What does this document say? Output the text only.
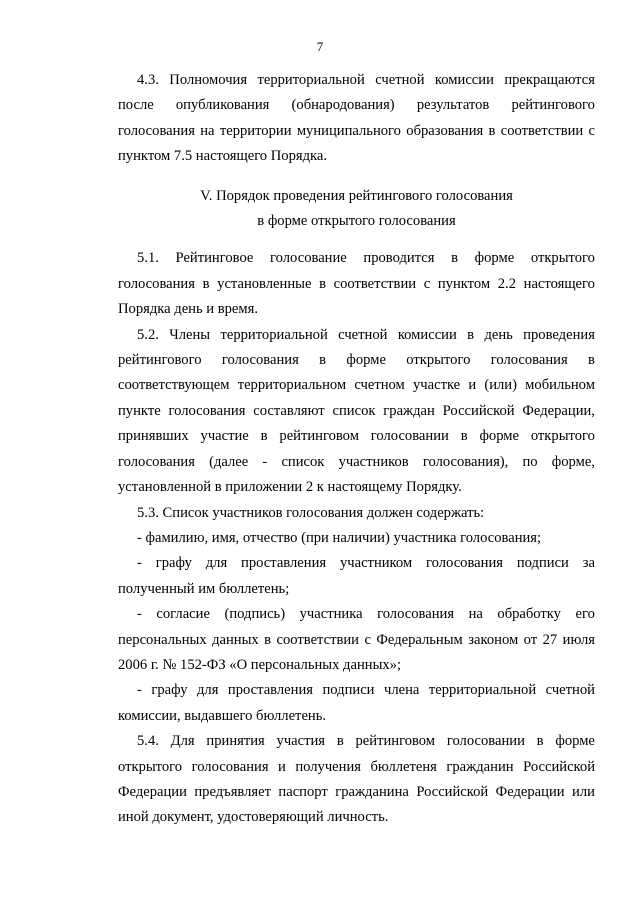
7
4.3. Полномочия территориальной счетной комиссии прекращаются
после опубликования (обнародования) результатов рейтингового
голосования на территории муниципального образования в соответствии с
пунктом 7.5 настоящего Порядка.
V. Порядок проведения рейтингового голосования
в форме открытого голосования
5.1. Рейтинговое голосование проводится в форме открытого
голосования в установленные в соответствии с пунктом 2.2 настоящего
Порядка день и время.
5.2. Члены территориальной счетной комиссии в день проведения
рейтингового голосования в форме открытого голосования в
соответствующем территориальном счетном участке и (или) мобильном
пункте голосования составляют список граждан Российской Федерации,
принявших участие в рейтинговом голосовании в форме открытого
голосования (далее - список участников голосования), по форме,
установленной в приложении 2 к настоящему Порядку.
5.3. Список участников голосования должен содержать:
- фамилию, имя, отчество (при наличии) участника голосования;
- графу для проставления участником голосования подписи за
полученный им бюллетень;
- согласие (подпись) участника голосования на обработку его
персональных данных в соответствии с Федеральным законом от 27 июля
2006 г. № 152-ФЗ «О персональных данных»;
- графу для проставления подписи члена территориальной счетной
комиссии, выдавшего бюллетень.
5.4. Для принятия участия в рейтинговом голосовании в форме
открытого голосования и получения бюллетеня гражданин Российской
Федерации предъявляет паспорт гражданина Российской Федерации или
иной документ, удостоверяющий личность.
